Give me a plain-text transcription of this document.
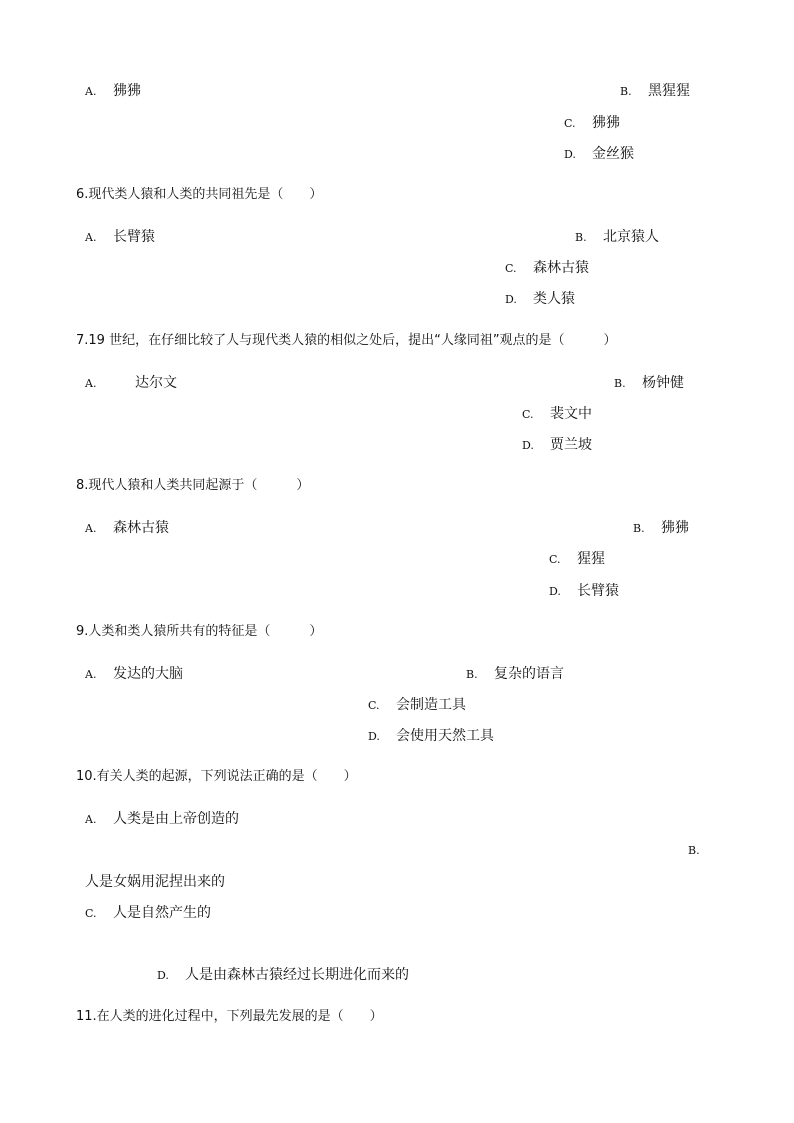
A. 狒狒	B. 黑猩猩
C. 狒狒
D. 金丝猴
6.现代类人猿和人类的共同祖先是（　　）
A. 长臂猿	B. 北京猿人
C. 森林古猿
D. 类人猿
7.19 世纪，在仔细比较了人与现代类人猿的相似之处后，提出“人缘同祖”观点的是（　　　）
A.	达尔文	B. 杨钟健
C. 裴文中
D. 贾兰坡
8.现代人猿和人类共同起源于（　　　）
A. 森林古猿	B. 狒狒
C. 猩猩
D. 长臂猿
9.人类和类人猿所共有的特征是（　　　）
A. 发达的大脑	B. 复杂的语言
C. 会制造工具
D. 会使用天然工具
10.有关人类的起源，下列说法正确的是（　　）
A. 人类是由上帝创造的
B.
人是女娲用泥捏出来的
C. 人是自然产生的
D. 人是由森林古猿经过长期进化而来的
11.在人类的进化过程中，下列最先发展的是（　　）
